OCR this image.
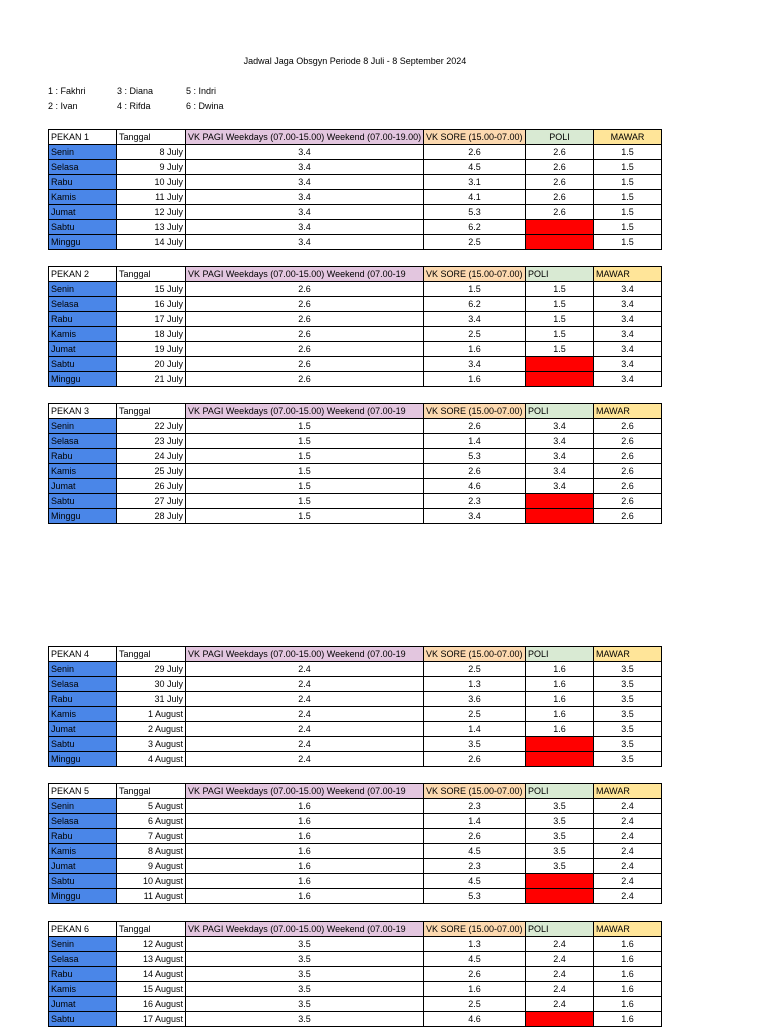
Jadwal Jaga Obsgyn Periode 8 Juli - 8 September 2024
1 : Fakhri
2 : Ivan
3 : Diana
4 : Rifda
5 : Indri
6 : Dwina
PEKAN 1	Tanggal	VK PAGI Weekdays (07.00-15.00) Weekend (07.00-19.00)	VK SORE (15.00-07.00)	POLI	MAWAR
Senin	8 July	3.4	2.6	2.6	1.5
Selasa	9 July	3.4	4.5	2.6	1.5
Rabu	10 July	3.4	3.1	2.6	1.5
Kamis	11 July	3.4	4.1	2.6	1.5
Jumat	12 July	3.4	5.3	2.6	1.5
Sabtu	13 July	3.4	6.2		1.5
Minggu	14 July	3.4	2.5		1.5
PEKAN 2	Tanggal	VK PAGI Weekdays (07.00-15.00) Weekend (07.00-19	VK SORE (15.00-07.00)	POLI	MAWAR
Senin	15 July	2.6	1.5	1.5	3.4
Selasa	16 July	2.6	6.2	1.5	3.4
Rabu	17 July	2.6	3.4	1.5	3.4
Kamis	18 July	2.6	2.5	1.5	3.4
Jumat	19 July	2.6	1.6	1.5	3.4
Sabtu	20 July	2.6	3.4		3.4
Minggu	21 July	2.6	1.6		3.4
PEKAN 3	Tanggal	VK PAGI Weekdays (07.00-15.00) Weekend (07.00-19	VK SORE (15.00-07.00)	POLI	MAWAR
Senin	22 July	1.5	2.6	3.4	2.6
Selasa	23 July	1.5	1.4	3.4	2.6
Rabu	24 July	1.5	5.3	3.4	2.6
Kamis	25 July	1.5	2.6	3.4	2.6
Jumat	26 July	1.5	4.6	3.4	2.6
Sabtu	27 July	1.5	2.3		2.6
Minggu	28 July	1.5	3.4		2.6
PEKAN 4	Tanggal	VK PAGI Weekdays (07.00-15.00) Weekend (07.00-19	VK SORE (15.00-07.00)	POLI	MAWAR
Senin	29 July	2.4	2.5	1.6	3.5
Selasa	30 July	2.4	1.3	1.6	3.5
Rabu	31 July	2.4	3.6	1.6	3.5
Kamis	1 August	2.4	2.5	1.6	3.5
Jumat	2 August	2.4	1.4	1.6	3.5
Sabtu	3 August	2.4	3.5		3.5
Minggu	4 August	2.4	2.6		3.5
PEKAN 5	Tanggal	VK PAGI Weekdays (07.00-15.00) Weekend (07.00-19	VK SORE (15.00-07.00)	POLI	MAWAR
Senin	5 August	1.6	2.3	3.5	2.4
Selasa	6 August	1.6	1.4	3.5	2.4
Rabu	7 August	1.6	2.6	3.5	2.4
Kamis	8 August	1.6	4.5	3.5	2.4
Jumat	9 August	1.6	2.3	3.5	2.4
Sabtu	10 August	1.6	4.5		2.4
Minggu	11 August	1.6	5.3		2.4
PEKAN 6	Tanggal	VK PAGI Weekdays (07.00-15.00) Weekend (07.00-19	VK SORE (15.00-07.00)	POLI	MAWAR
Senin	12 August	3.5	1.3	2.4	1.6
Selasa	13 August	3.5	4.5	2.4	1.6
Rabu	14 August	3.5	2.6	2.4	1.6
Kamis	15 August	3.5	1.6	2.4	1.6
Jumat	16 August	3.5	2.5	2.4	1.6
Sabtu	17 August	3.5	4.6		1.6
